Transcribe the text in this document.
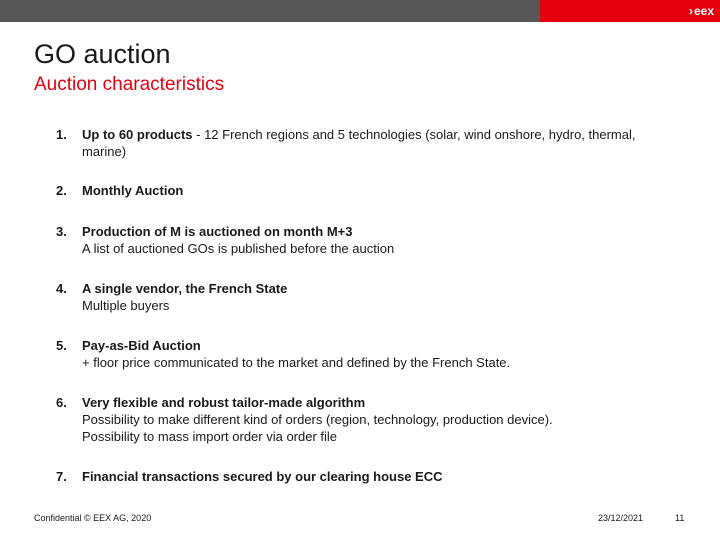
›eex
GO auction
Auction characteristics
1. Up to 60 products - 12 French regions and 5 technologies (solar, wind onshore, hydro, thermal, marine)
2. Monthly Auction
3. Production of M is auctioned on month M+3
A list of auctioned GOs is published before the auction
4. A single vendor, the French State
Multiple buyers
5. Pay-as-Bid Auction
+ floor price communicated to the market and defined by the French State.
6. Very flexible and robust tailor-made algorithm
Possibility to make different kind of orders (region, technology, production device).
Possibility to mass import order via order file
7. Financial transactions secured by our clearing house ECC
Confidential © EEX AG, 2020	23/12/2021	11
